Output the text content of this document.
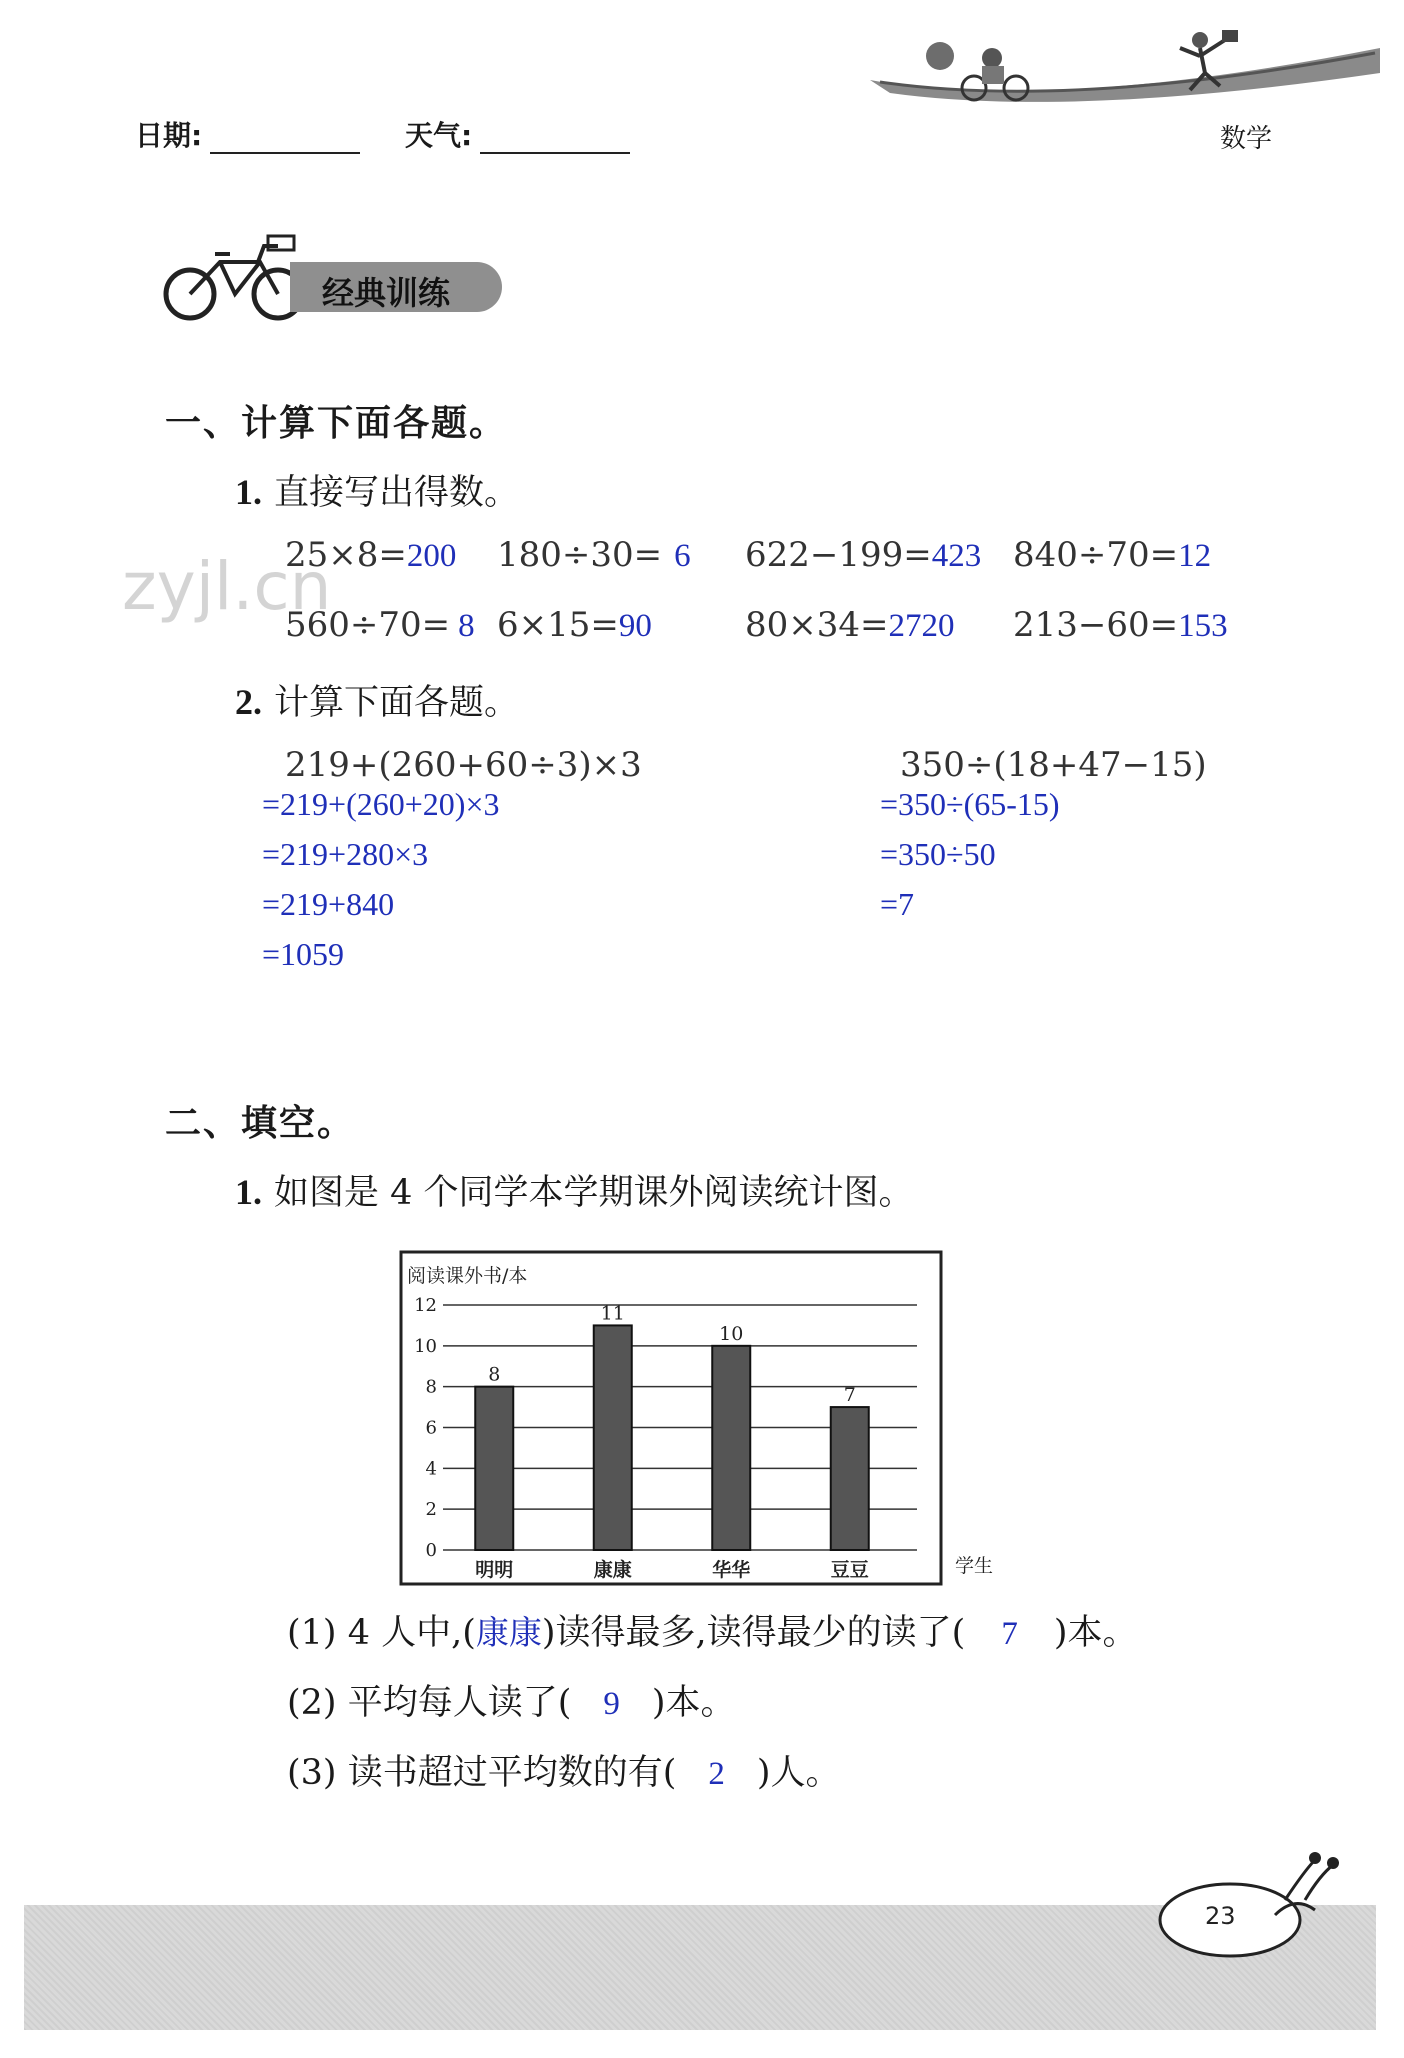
日期:	天气:	数学
经典训练
zyjl.cn
一、计算下面各题。
1. 直接写出得数。
25×8=200 180÷30= 6 622−199=423 840÷70=12
560÷70= 8 6×15=90	80×34=2720 213−60=153
2. 计算下面各题。
219+(260+60÷3)×3
=219+(260+20)×3
=219+280×3
=219+840
=1059
350÷(18+47−15)
=350÷(65-15)
=350÷50
=7
二、填空。
1. 如图是 4 个同学本学期课外阅读统计图。
阅读课外书/本
学生
0
2
4
6
8
10
12
8
明明
11
康康
10
华华
7
豆豆
(1) 4 人中,(康康)读得最多,读得最少的读了( 7 )本。
(2) 平均每人读了( 9 )本。
(3) 读书超过平均数的有( 2 )人。
23
